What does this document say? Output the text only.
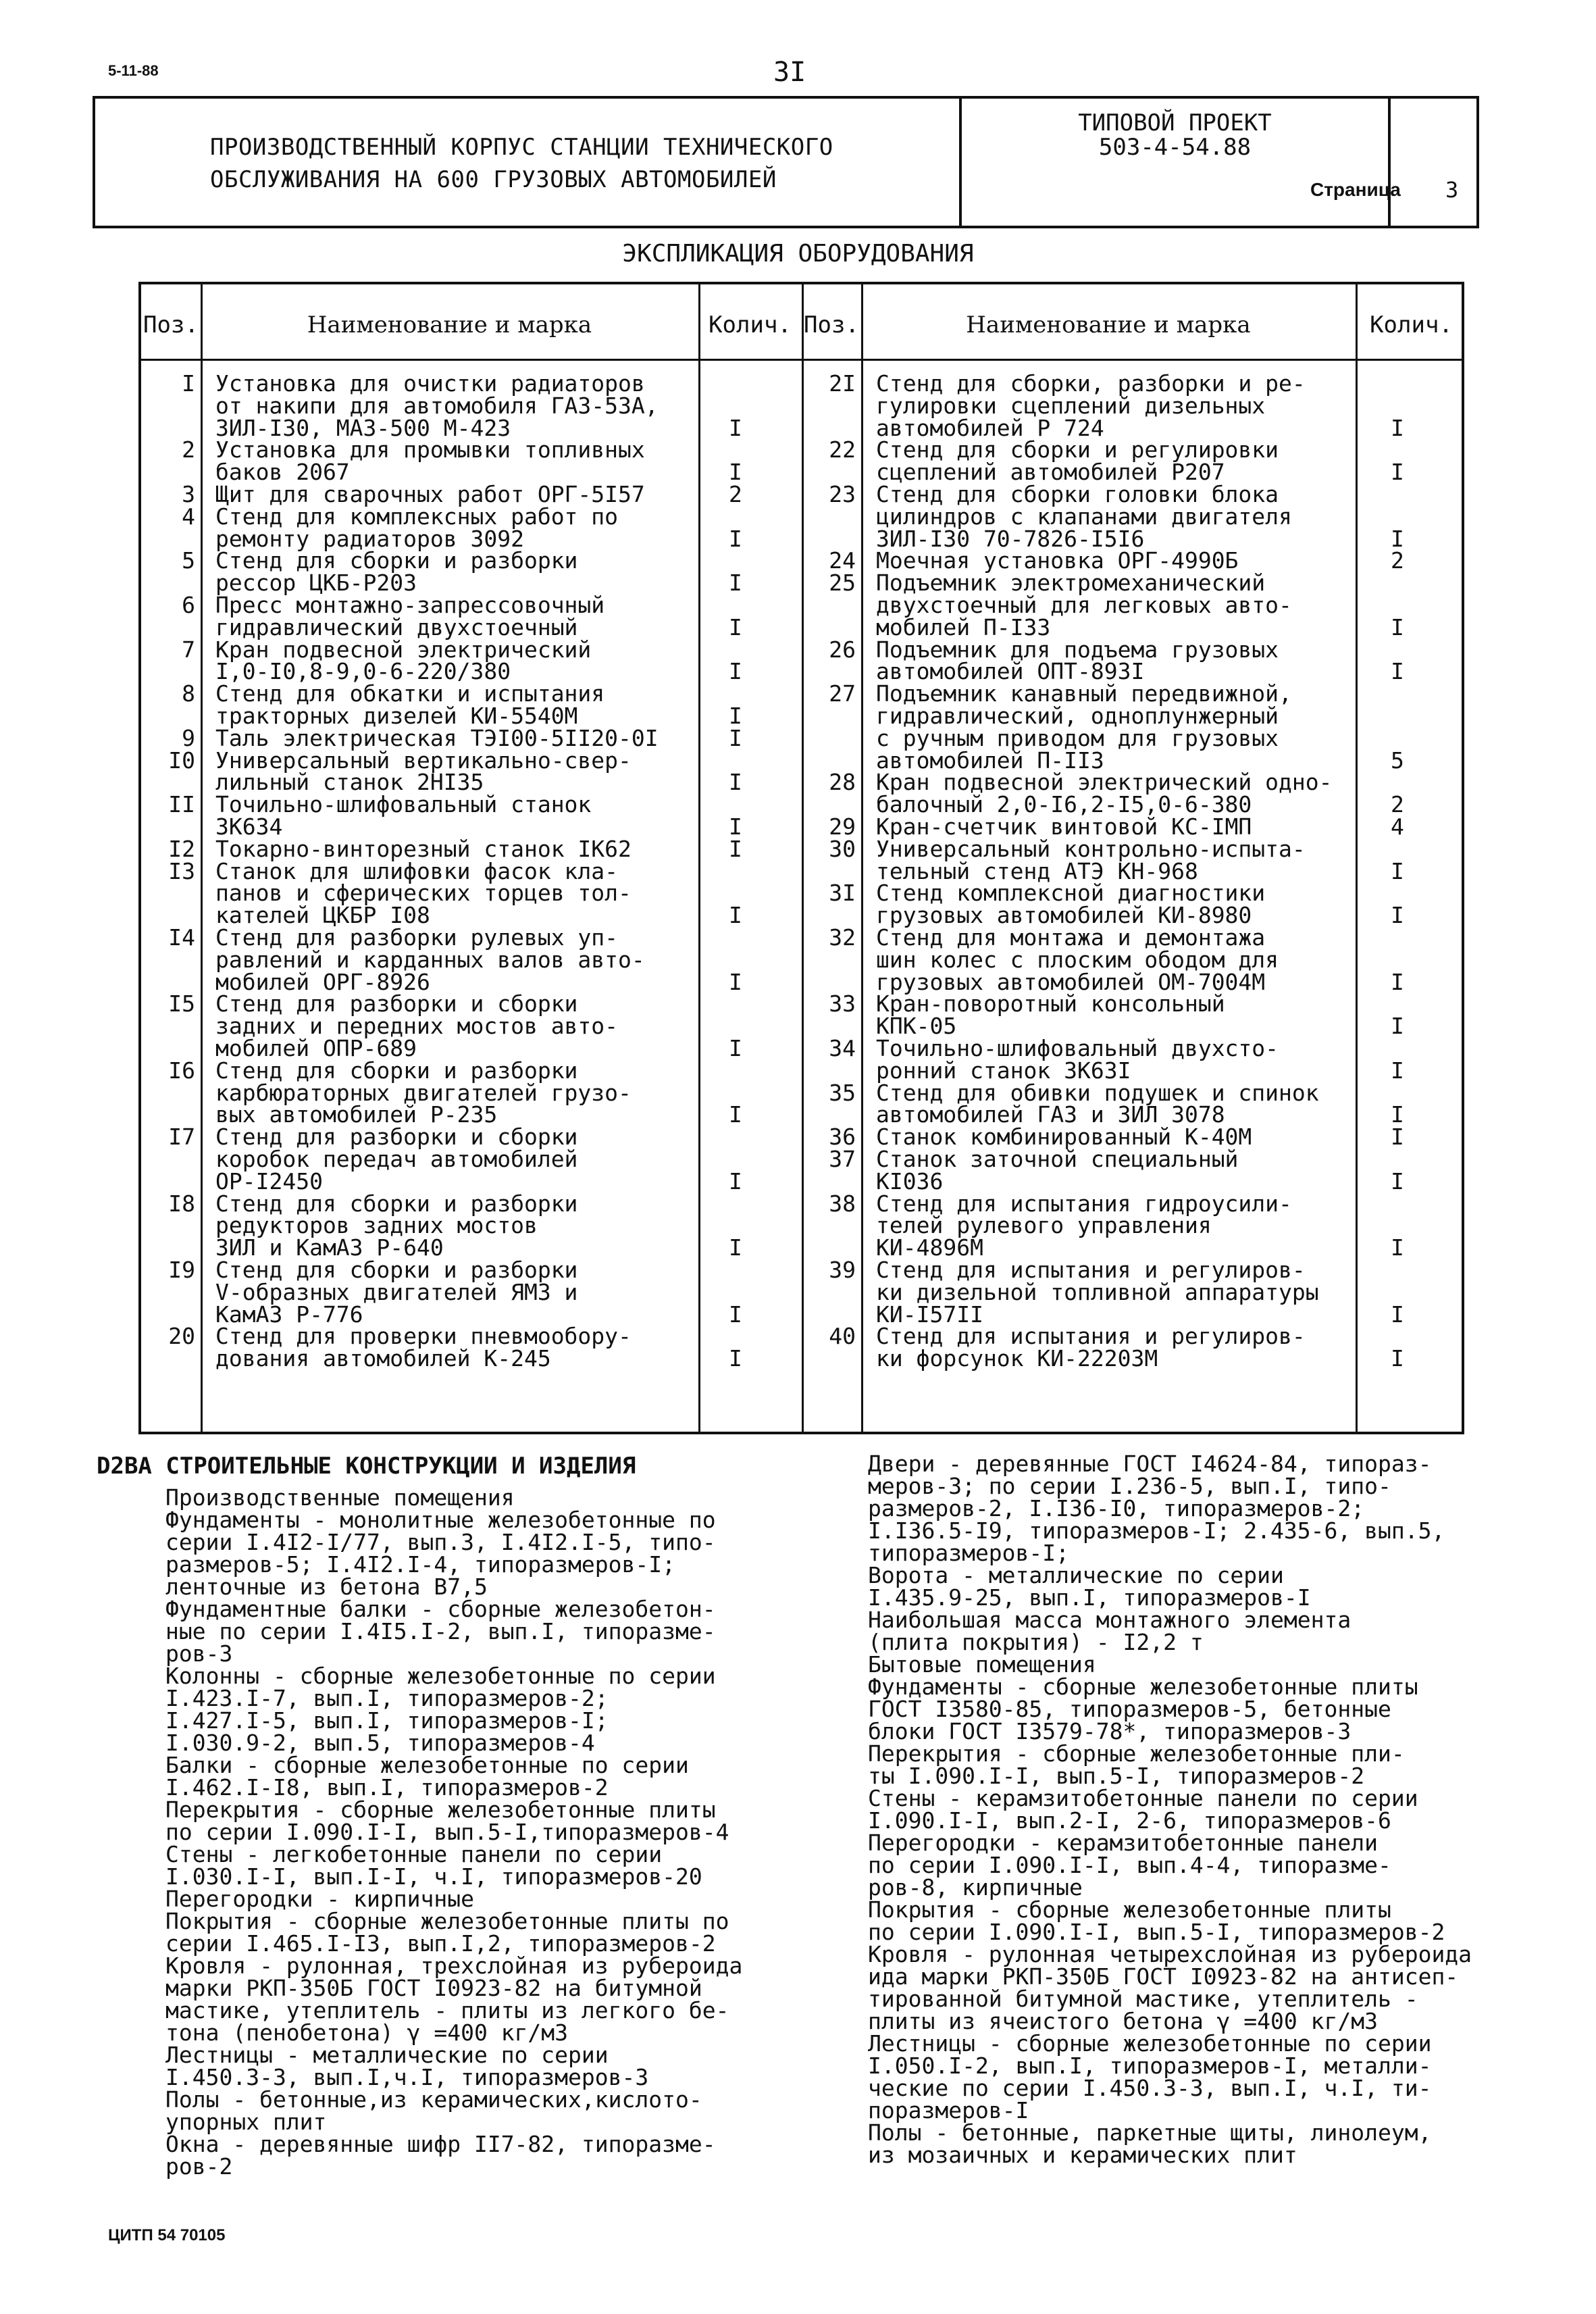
5-11-88	3I
ПРОИЗВОДСТВЕННЫЙ КОРПУС СТАНЦИИ ТЕХНИЧЕСКОГО
ОБСЛУЖИВАНИЯ НА 600 ГРУЗОВЫХ АВТОМОБИЛЕЙ
ТИПОВОЙ ПРОЕКТ
503-4-54.88
Страница 3
ЭКСПЛИКАЦИЯ ОБОРУДОВАНИЯ
Поз.	Наименование и марка	Колич. Поз.	Наименование и марка	Колич.
I Установка для очистки радиаторов
от накипи для автомобиля ГАЗ-53А,
ЗИЛ-I30, МАЗ-500 М-423	I
2 Установка для промывки топливных
баков 2067	I
3 Щит для сварочных работ ОРГ-5I57	2
4 Стенд для комплексных работ по
ремонту радиаторов 3092	I
5 Стенд для сборки и разборки
рессор ЦКБ-Р203	I
6 Пресс монтажно-запрессовочный
гидравлический двухстоечный	I
7 Кран подвесной электрический
I,0-I0,8-9,0-6-220/380	I
8 Стенд для обкатки и испытания
тракторных дизелей КИ-5540М	I
9 Таль электрическая ТЭI00-5II20-0I	I
I0 Универсальный вертикально-свер-
лильный станок 2НI35	I
II Точильно-шлифовальный станок
ЗК634	I
I2 Токарно-винторезный станок IК62	I
I3 Станок для шлифовки фасок кла-
панов и сферических торцев тол-
кателей ЦКБР I08	I
I4 Стенд для разборки рулевых уп-
равлений и карданных валов авто-
мобилей ОРГ-8926	I
I5 Стенд для разборки и сборки
задних и передних мостов авто-
мобилей ОПР-689	I
I6 Стенд для сборки и разборки
карбюраторных двигателей грузо-
вых автомобилей Р-235	I
I7 Стенд для разборки и сборки
коробок передач автомобилей
ОР-I2450	I
I8 Стенд для сборки и разборки
редукторов задних мостов
ЗИЛ и КамАЗ Р-640	I
I9 Стенд для сборки и разборки
V-образных двигателей ЯМЗ и
КамАЗ Р-776	I
20 Стенд для проверки пневмообору-
дования автомобилей К-245	I
2I Стенд для сборки, разборки и ре-
гулировки сцеплений дизельных
автомобилей Р 724	I
22 Стенд для сборки и регулировки
сцеплений автомобилей Р207	I
23 Стенд для сборки головки блока
цилиндров с клапанами двигателя
ЗИЛ-I30 70-7826-I5I6	I
24 Моечная установка ОРГ-4990Б	2
25 Подъемник электромеханический
двухстоечный для легковых авто-
мобилей П-I33	I
26 Подъемник для подъема грузовых
автомобилей ОПТ-893I	I
27 Подъемник канавный передвижной,
гидравлический, одноплунжерный
с ручным приводом для грузовых
автомобилей П-II3	5
28 Кран подвесной электрический одно-
балочный 2,0-I6,2-I5,0-6-380	2
29 Кран-счетчик винтовой КС-IМП	4
30 Универсальный контрольно-испыта-
тельный стенд АТЭ КН-968	I
3I Стенд комплексной диагностики
грузовых автомобилей КИ-8980	I
32 Стенд для монтажа и демонтажа
шин колес с плоским ободом для
грузовых автомобилей ОМ-7004М	I
33 Кран-поворотный консольный
КПК-05	I
34 Точильно-шлифовальный двухсто-
ронний станок ЗК63I	I
35 Стенд для обивки подушек и спинок
автомобилей ГАЗ и ЗИЛ 3078	I
36 Станок комбинированный К-40М	I
37 Станок заточной специальный
КI036	I
38 Стенд для испытания гидроусили-
телей рулевого управления
КИ-4896М	I
39 Стенд для испытания и регулиров-
ки дизельной топливной аппаратуры
КИ-I57II	I
40 Стенд для испытания и регулиров-
ки форсунок КИ-22203М	I
D2BA СТРОИТЕЛЬНЫЕ КОНСТРУКЦИИ И ИЗДЕЛИЯ
Производственные помещения
Фундаменты - монолитные железобетонные по
серии I.4I2-I/77, вып.3, I.4I2.I-5, типо-
размеров-5; I.4I2.I-4, типоразмеров-I;
ленточные из бетона В7,5
Фундаментные балки - сборные железобетон-
ные по серии I.4I5.I-2, вып.I, типоразме-
ров-3
Колонны - сборные железобетонные по серии
I.423.I-7, вып.I, типоразмеров-2;
I.427.I-5, вып.I, типоразмеров-I;
I.030.9-2, вып.5, типоразмеров-4
Балки - сборные железобетонные по серии
I.462.I-I8, вып.I, типоразмеров-2
Перекрытия - сборные железобетонные плиты
по серии I.090.I-I, вып.5-I,типоразмеров-4
Стены - легкобетонные панели по серии
I.030.I-I, вып.I-I, ч.I, типоразмеров-20
Перегородки - кирпичные
Покрытия - сборные железобетонные плиты по
серии I.465.I-I3, вып.I,2, типоразмеров-2
Кровля - рулонная, трехслойная из рубероида
марки РКП-350Б ГОСТ I0923-82 на битумной
мастике, утеплитель - плиты из легкого бе-
тона (пенобетона) γ =400 кг/м3
Лестницы - металлические по серии
I.450.3-3, вып.I,ч.I, типоразмеров-3
Полы - бетонные,из керамических,кислото-
упорных плит
Окна - деревянные шифр II7-82, типоразме-
ров-2
Двери - деревянные ГОСТ I4624-84, типораз-
меров-3; по серии I.236-5, вып.I, типо-
размеров-2, I.I36-I0, типоразмеров-2;
I.I36.5-I9, типоразмеров-I; 2.435-6, вып.5,
типоразмеров-I;
Ворота - металлические по серии
I.435.9-25, вып.I, типоразмеров-I
Наибольшая масса монтажного элемента
(плита покрытия) - I2,2 т
Бытовые помещения
Фундаменты - сборные железобетонные плиты
ГОСТ I3580-85, типоразмеров-5, бетонные
блоки ГОСТ I3579-78*, типоразмеров-3
Перекрытия - сборные железобетонные пли-
ты I.090.I-I, вып.5-I, типоразмеров-2
Стены - керамзитобетонные панели по серии
I.090.I-I, вып.2-I, 2-6, типоразмеров-6
Перегородки - керамзитобетонные панели
по серии I.090.I-I, вып.4-4, типоразме-
ров-8, кирпичные
Покрытия - сборные железобетонные плиты
по серии I.090.I-I, вып.5-I, типоразмеров-2
Кровля - рулонная четырехслойная из рубероида
ида марки РКП-350Б ГОСТ I0923-82 на антисеп-
тированной битумной мастике, утеплитель -
плиты из ячеистого бетона γ =400 кг/м3
Лестницы - сборные железобетонные по серии
I.050.I-2, вып.I, типоразмеров-I, металли-
ческие по серии I.450.3-3, вып.I, ч.I, ти-
поразмеров-I
Полы - бетонные, паркетные щиты, линолеум,
из мозаичных и керамических плит
ЦИТП 54 70105
